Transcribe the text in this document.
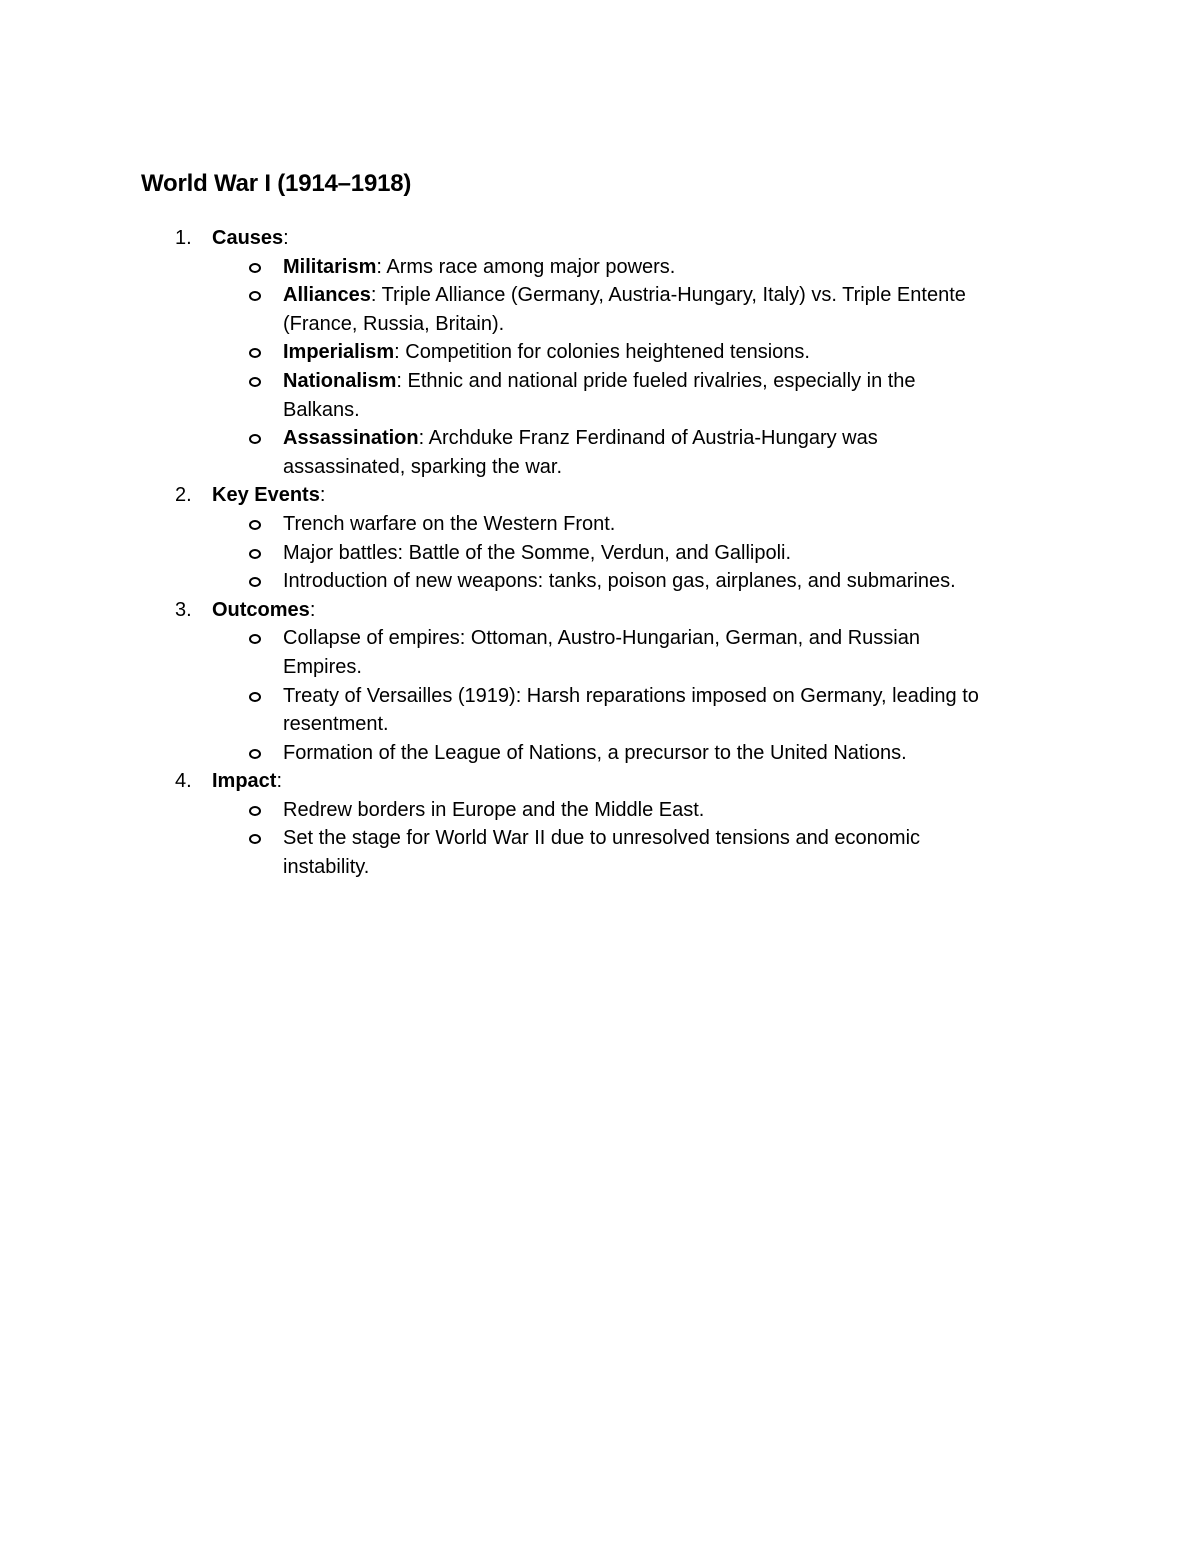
World War I (1914–1918)
1. Causes:
Militarism: Arms race among major powers.
Alliances: Triple Alliance (Germany, Austria-Hungary, Italy) vs. Triple Entente (France, Russia, Britain).
Imperialism: Competition for colonies heightened tensions.
Nationalism: Ethnic and national pride fueled rivalries, especially in the Balkans.
Assassination: Archduke Franz Ferdinand of Austria-Hungary was assassinated, sparking the war.
2. Key Events:
Trench warfare on the Western Front.
Major battles: Battle of the Somme, Verdun, and Gallipoli.
Introduction of new weapons: tanks, poison gas, airplanes, and submarines.
3. Outcomes:
Collapse of empires: Ottoman, Austro-Hungarian, German, and Russian Empires.
Treaty of Versailles (1919): Harsh reparations imposed on Germany, leading to resentment.
Formation of the League of Nations, a precursor to the United Nations.
4. Impact:
Redrew borders in Europe and the Middle East.
Set the stage for World War II due to unresolved tensions and economic instability.
